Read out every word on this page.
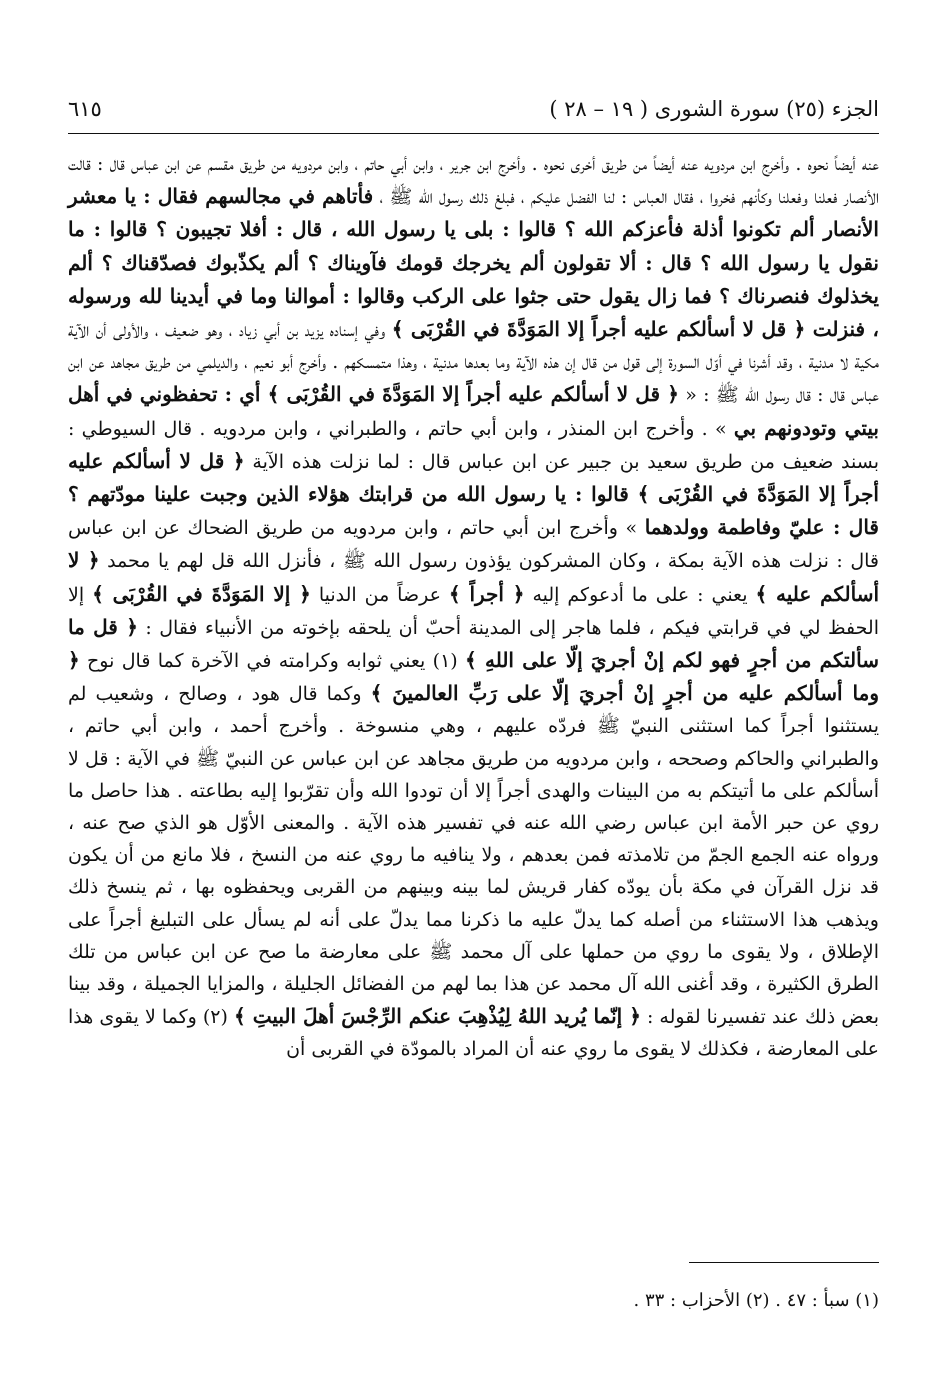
٦١٥	الجزء (٢٥) سورة الشورى ( ١٩ – ٢٨ )

عنه أيضاً نحوه . وأخرج ابن مردويه عنه أيضاً من طريق أخرى نحوه . وأخرج ابن جرير ، وابن أبي حاتم ، وابن مردويه من طريق مقسم عن ابن عباس قال : قالت الأنصار فعلنا وفعلنا وكأنهم فخروا ، فقال العباس : لنا الفضل عليكم ، فبلغ ذلك رسول الله ﷺ ، فأتاهم في مجالسهم فقال : يا معشر الأنصار ألم تكونوا أذلة فأعزكم الله ؟ قالوا : بلى يا رسول الله ، قال : أفلا تجيبون ؟ قالوا : ما نقول يا رسول الله ؟ قال : ألا تقولون ألم يخرجك قومك فآويناك ؟ ألم يكذّبوك فصدّقناك ؟ ألم يخذلوك فنصرناك ؟ فما زال يقول حتى جثوا على الركب وقالوا : أموالنا وما في أيدينا لله ورسوله ، فنزلت ﴿ قل لا أسألكم عليه أجراً إلا المَوَدَّةَ في القُرْبَى ﴾ وفي إسناده يزيد بن أبي زياد ، وهو ضعيف ، والأولى أن الآية مكية لا مدنية ، وقد أشرنا في أوّل السورة إلى قول من قال إن هذه الآية وما بعدها مدنية ، وهذا متمسكهم . وأخرج أبو نعيم ، والديلمي من طريق مجاهد عن ابن عباس قال : قال رسول الله ﷺ : « ﴿ قل لا أسألكم عليه أجراً إلا المَوَدَّةَ في القُرْبَى ﴾ أي : تحفظوني في أهل بيتي وتودونهم بي » . وأخرج ابن المنذر ، وابن أبي حاتم ، والطبراني ، وابن مردويه . قال السيوطي : بسند ضعيف من طريق سعيد بن جبير عن ابن عباس قال : لما نزلت هذه الآية ﴿ قل لا أسألكم عليه أجراً إلا المَوَدَّةَ في القُرْبَى ﴾ قالوا : يا رسول الله من قرابتك هؤلاء الذين وجبت علينا مودّتهم ؟ قال : عليّ وفاطمة وولدهما » وأخرج ابن أبي حاتم ، وابن مردويه من طريق الضحاك عن ابن عباس قال : نزلت هذه الآية بمكة ، وكان المشركون يؤذون رسول الله ﷺ ، فأنزل الله قل لهم يا محمد ﴿ لا أسألكم عليه ﴾ يعني : على ما أدعوكم إليه ﴿ أجراً ﴾ عرضاً من الدنيا ﴿ إلا المَوَدَّةَ في القُرْبَى ﴾ إلا الحفظ لي في قرابتي فيكم ، فلما هاجر إلى المدينة أحبّ أن يلحقه بإخوته من الأنبياء فقال : ﴿ قل ما سألتكم من أجرٍ فهو لكم إنْ أجريَ إلّا على اللهِ ﴾ (١) يعني ثوابه وكرامته في الآخرة كما قال نوح ﴿ وما أسألكم عليه من أجرٍ إنْ أجريَ إلّا على رَبِّ العالمينَ ﴾ وكما قال هود ، وصالح ، وشعيب لم يستثنوا أجراً كما استثنى النبيّ ﷺ فردّه عليهم ، وهي منسوخة . وأخرج أحمد ، وابن أبي حاتم ، والطبراني والحاكم وصححه ، وابن مردويه من طريق مجاهد عن ابن عباس عن النبيّ ﷺ في الآية : قل لا أسألكم على ما أتيتكم به من البينات والهدى أجراً إلا أن تودوا الله وأن تقرّبوا إليه بطاعته . هذا حاصل ما روي عن حبر الأمة ابن عباس رضي الله عنه في تفسير هذه الآية . والمعنى الأوّل هو الذي صح عنه ، ورواه عنه الجمع الجمّ من تلامذته فمن بعدهم ، ولا ينافيه ما روي عنه من النسخ ، فلا مانع من أن يكون قد نزل القرآن في مكة بأن يودّه كفار قريش لما بينه وبينهم من القربى ويحفظوه بها ، ثم ينسخ ذلك ويذهب هذا الاستثناء من أصله كما يدلّ عليه ما ذكرنا مما يدلّ على أنه لم يسأل على التبليغ أجراً على الإطلاق ، ولا يقوى ما روي من حملها على آل محمد ﷺ على معارضة ما صح عن ابن عباس من تلك الطرق الكثيرة ، وقد أغنى الله آل محمد عن هذا بما لهم من الفضائل الجليلة ، والمزايا الجميلة ، وقد بينا بعض ذلك عند تفسيرنا لقوله : ﴿ إنّما يُريد اللهُ لِيُذْهِبَ عنكم الرِّجْسَ أهلَ البيتِ ﴾ (٢) وكما لا يقوى هذا على المعارضة ، فكذلك لا يقوى ما روي عنه أن المراد بالمودّة في القربى أن

(١) سبأ : ٤٧ . (٢) الأحزاب : ٣٣ .
